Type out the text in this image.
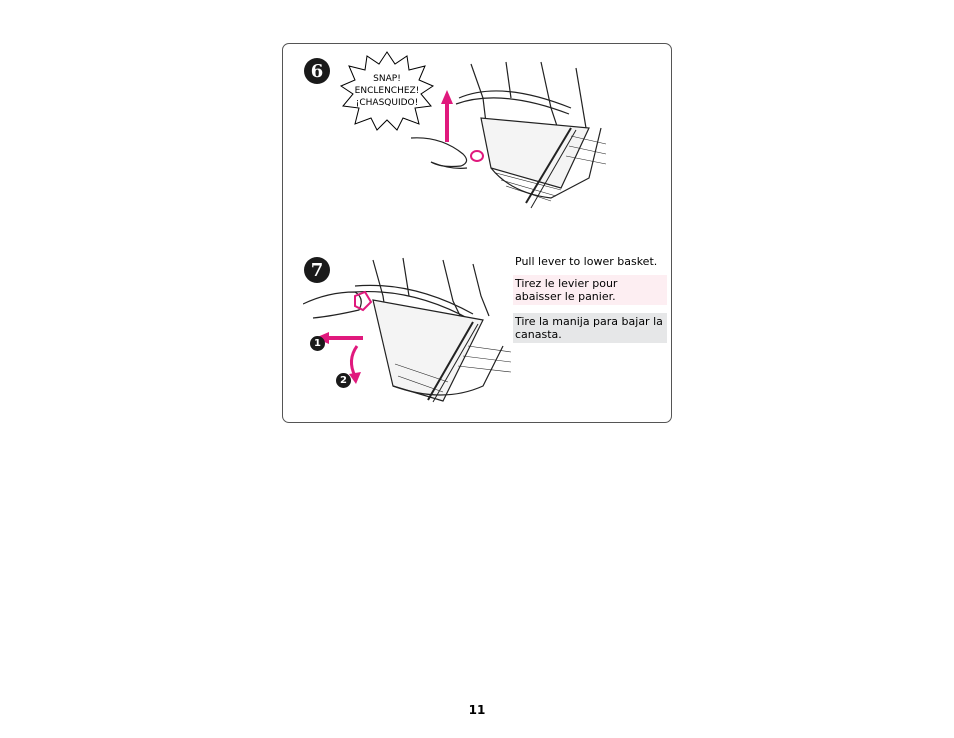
6	SNAP!
ENCLENCHEZ!
¡CHASQUIDO!
7
1
2
Pull lever to lower basket.
Tirez le levier pour abaisser le panier.
Tire la manija para bajar la canasta.
11
